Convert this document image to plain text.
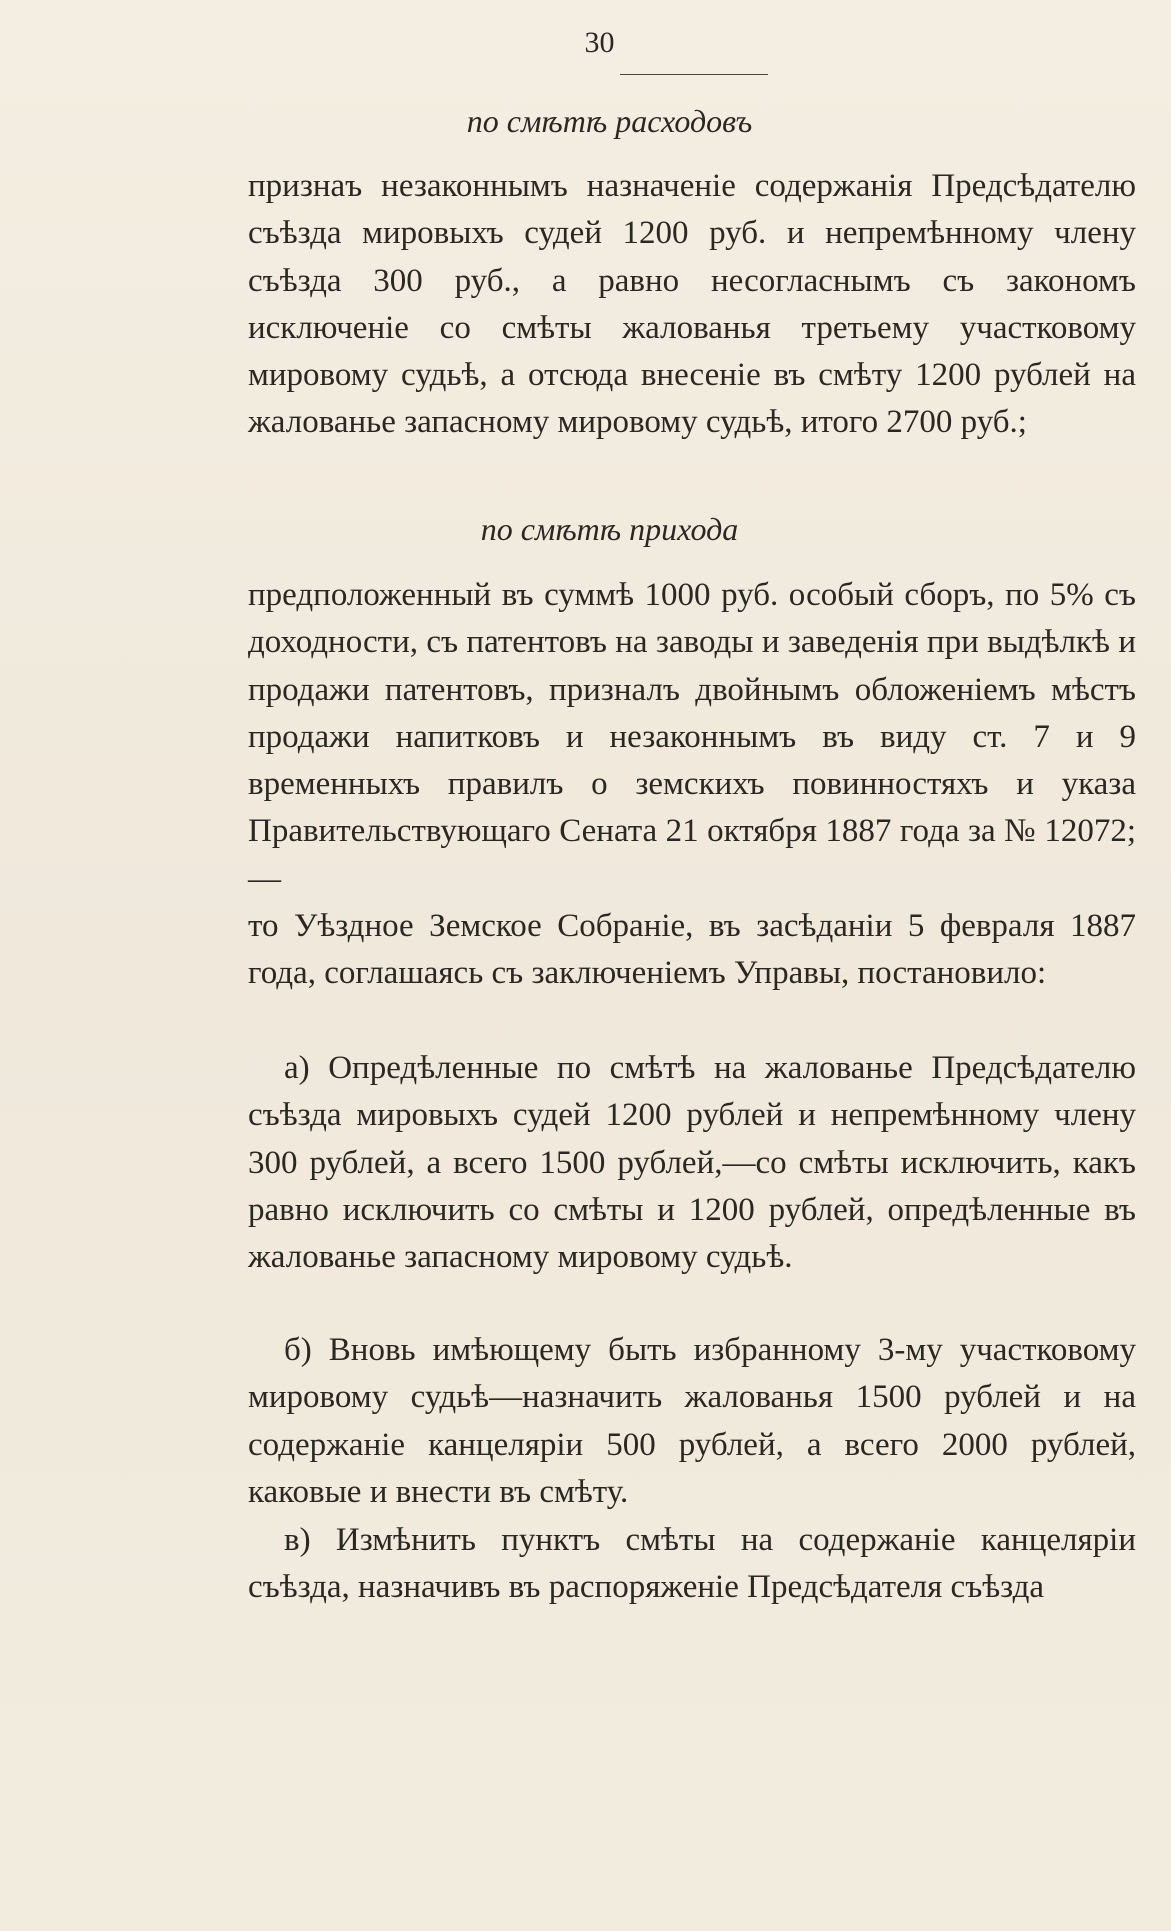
30
по смѣтѣ расходовъ

признаъ незаконнымъ назначеніе содержанія Предсѣдателю съѣзда мировыхъ судей 1200 руб. и непремѣнному члену съѣзда 300 руб., а равно несогласнымъ съ закономъ исключеніе со смѣты жалованья третьему участковому мировому судьѣ, а отсюда внесеніе въ смѣту 1200 рублей на жалованье запасному мировому судьѣ, итого 2700 руб.;

по смѣтѣ прихода

предположенный въ суммѣ 1000 руб. особый сборъ, по 5% съ доходности, съ патентовъ на заводы и заведенія при выдѣлкѣ и продажи патентовъ, призналъ двойнымъ обложеніемъ мѣстъ продажи напитковъ и незаконнымъ въ виду ст. 7 и 9 временныхъ правилъ о земскихъ повинностяхъ и указа Правительствующаго Сената 21 октября 1887 года за № 12072;—

то Уѣздное Земское Собраніе, въ засѣданіи 5 февраля 1887 года, соглашаясь съ заключеніемъ Управы, постановило:

а) Опредѣленные по смѣтѣ на жалованье Предсѣдателю съѣзда мировыхъ судей 1200 рублей и непремѣнному члену 300 рублей, а всего 1500 рублей,—со смѣты исключить, какъ равно исключить со смѣты и 1200 рублей, опредѣленные въ жалованье запасному мировому судьѣ.

б) Вновь имѣющему быть избранному 3-му участковому мировому судьѣ—назначить жалованья 1500 рублей и на содержаніе канцеляріи 500 рублей, а всего 2000 рублей, каковые и внести въ смѣту.

в) Измѣнить пунктъ смѣты на содержаніе канцеляріи съѣзда, назначивъ въ распоряженіе Предсѣдателя съѣзда
